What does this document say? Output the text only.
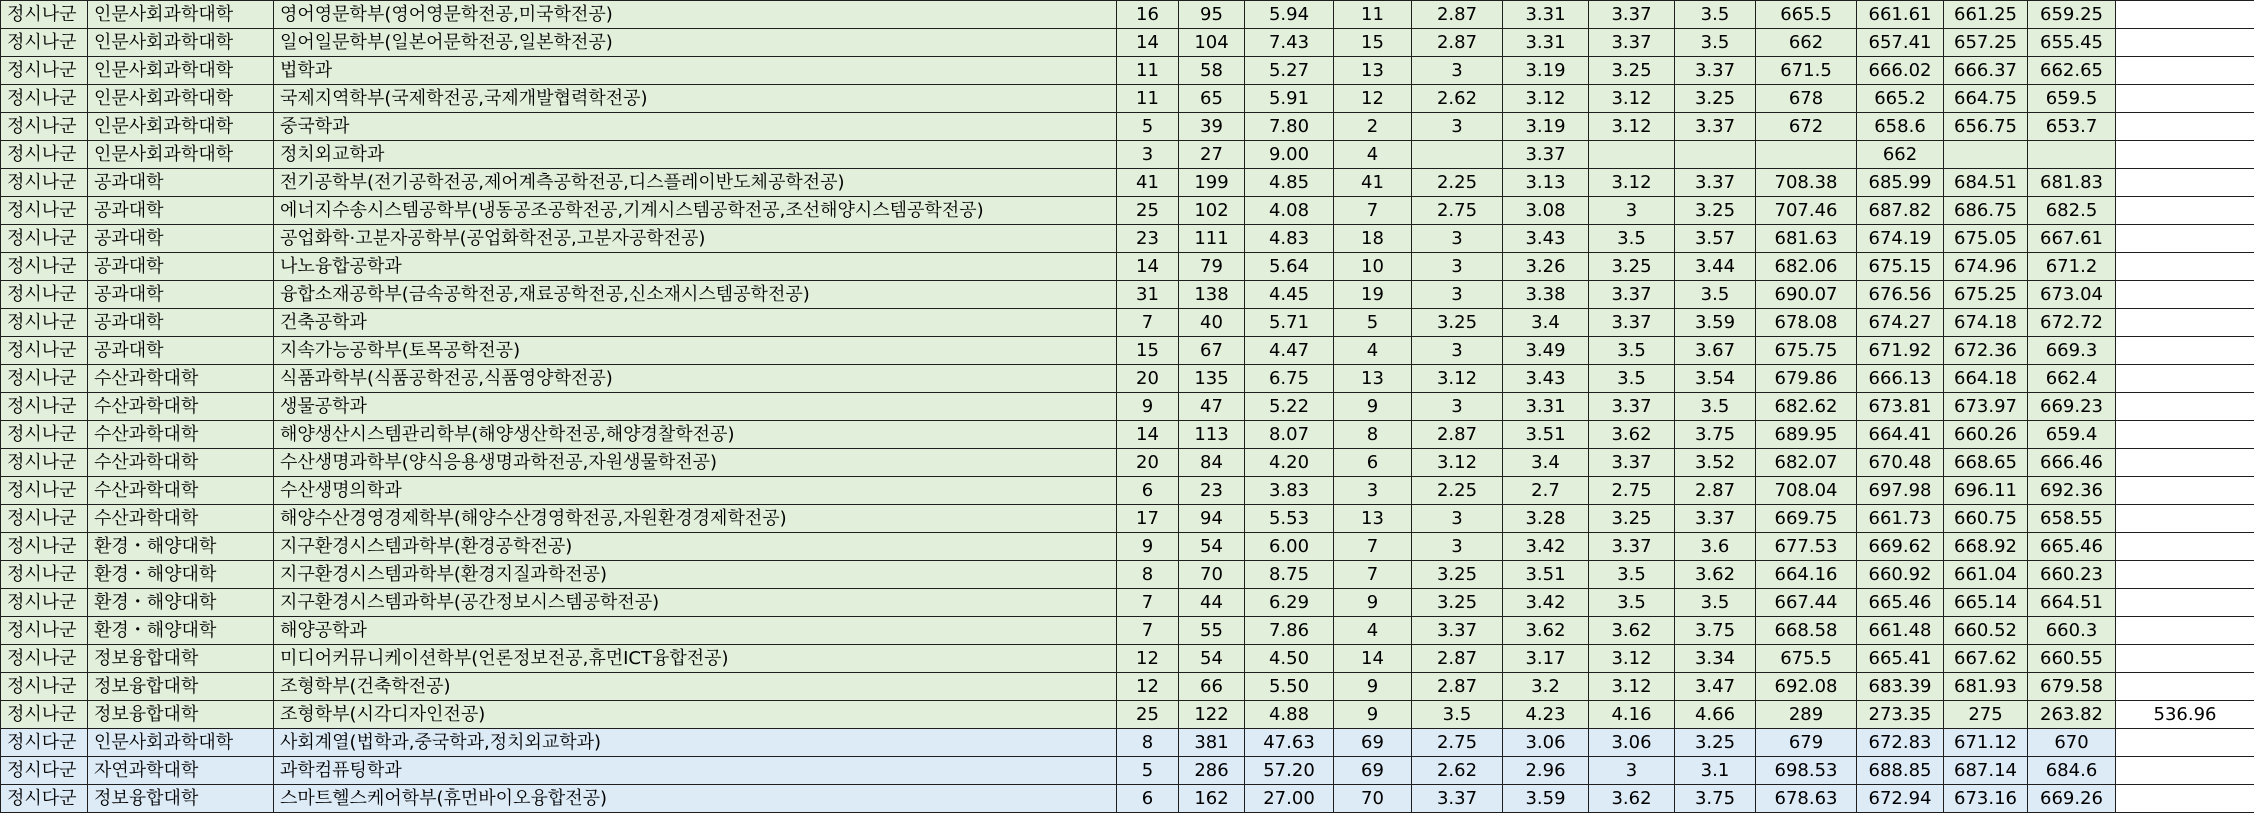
정시나군	인문사회과학대학	영어영문학부(영어영문학전공,미국학전공)	16	95	5.94	11	2.87	3.31	3.37	3.5	665.5	661.61	661.25	659.25	
정시나군	인문사회과학대학	일어일문학부(일본어문학전공,일본학전공)	14	104	7.43	15	2.87	3.31	3.37	3.5	662	657.41	657.25	655.45	
정시나군	인문사회과학대학	법학과	11	58	5.27	13	3	3.19	3.25	3.37	671.5	666.02	666.37	662.65	
정시나군	인문사회과학대학	국제지역학부(국제학전공,국제개발협력학전공)	11	65	5.91	12	2.62	3.12	3.12	3.25	678	665.2	664.75	659.5	
정시나군	인문사회과학대학	중국학과	5	39	7.80	2	3	3.19	3.12	3.37	672	658.6	656.75	653.7	
정시나군	인문사회과학대학	정치외교학과	3	27	9.00	4		3.37				662			
정시나군	공과대학	전기공학부(전기공학전공,제어계측공학전공,디스플레이반도체공학전공)	41	199	4.85	41	2.25	3.13	3.12	3.37	708.38	685.99	684.51	681.83	
정시나군	공과대학	에너지수송시스템공학부(냉동공조공학전공,기계시스템공학전공,조선해양시스템공학전공)	25	102	4.08	7	2.75	3.08	3	3.25	707.46	687.82	686.75	682.5	
정시나군	공과대학	공업화학·고분자공학부(공업화학전공,고분자공학전공)	23	111	4.83	18	3	3.43	3.5	3.57	681.63	674.19	675.05	667.61	
정시나군	공과대학	나노융합공학과	14	79	5.64	10	3	3.26	3.25	3.44	682.06	675.15	674.96	671.2	
정시나군	공과대학	융합소재공학부(금속공학전공,재료공학전공,신소재시스템공학전공)	31	138	4.45	19	3	3.38	3.37	3.5	690.07	676.56	675.25	673.04	
정시나군	공과대학	건축공학과	7	40	5.71	5	3.25	3.4	3.37	3.59	678.08	674.27	674.18	672.72	
정시나군	공과대학	지속가능공학부(토목공학전공)	15	67	4.47	4	3	3.49	3.5	3.67	675.75	671.92	672.36	669.3	
정시나군	수산과학대학	식품과학부(식품공학전공,식품영양학전공)	20	135	6.75	13	3.12	3.43	3.5	3.54	679.86	666.13	664.18	662.4	
정시나군	수산과학대학	생물공학과	9	47	5.22	9	3	3.31	3.37	3.5	682.62	673.81	673.97	669.23	
정시나군	수산과학대학	해양생산시스템관리학부(해양생산학전공,해양경찰학전공)	14	113	8.07	8	2.87	3.51	3.62	3.75	689.95	664.41	660.26	659.4	
정시나군	수산과학대학	수산생명과학부(양식응용생명과학전공,자원생물학전공)	20	84	4.20	6	3.12	3.4	3.37	3.52	682.07	670.48	668.65	666.46	
정시나군	수산과학대학	수산생명의학과	6	23	3.83	3	2.25	2.7	2.75	2.87	708.04	697.98	696.11	692.36	
정시나군	수산과학대학	해양수산경영경제학부(해양수산경영학전공,자원환경경제학전공)	17	94	5.53	13	3	3.28	3.25	3.37	669.75	661.73	660.75	658.55	
정시나군	환경・해양대학	지구환경시스템과학부(환경공학전공)	9	54	6.00	7	3	3.42	3.37	3.6	677.53	669.62	668.92	665.46	
정시나군	환경・해양대학	지구환경시스템과학부(환경지질과학전공)	8	70	8.75	7	3.25	3.51	3.5	3.62	664.16	660.92	661.04	660.23	
정시나군	환경・해양대학	지구환경시스템과학부(공간정보시스템공학전공)	7	44	6.29	9	3.25	3.42	3.5	3.5	667.44	665.46	665.14	664.51	
정시나군	환경・해양대학	해양공학과	7	55	7.86	4	3.37	3.62	3.62	3.75	668.58	661.48	660.52	660.3	
정시나군	정보융합대학	미디어커뮤니케이션학부(언론정보전공,휴먼ICT융합전공)	12	54	4.50	14	2.87	3.17	3.12	3.34	675.5	665.41	667.62	660.55	
정시나군	정보융합대학	조형학부(건축학전공)	12	66	5.50	9	2.87	3.2	3.12	3.47	692.08	683.39	681.93	679.58	
정시나군	정보융합대학	조형학부(시각디자인전공)	25	122	4.88	9	3.5	4.23	4.16	4.66	289	273.35	275	263.82	536.96
정시다군	인문사회과학대학	사회계열(법학과,중국학과,정치외교학과)	8	381	47.63	69	2.75	3.06	3.06	3.25	679	672.83	671.12	670	
정시다군	자연과학대학	과학컴퓨팅학과	5	286	57.20	69	2.62	2.96	3	3.1	698.53	688.85	687.14	684.6	
정시다군	정보융합대학	스마트헬스케어학부(휴먼바이오융합전공)	6	162	27.00	70	3.37	3.59	3.62	3.75	678.63	672.94	673.16	669.26	
